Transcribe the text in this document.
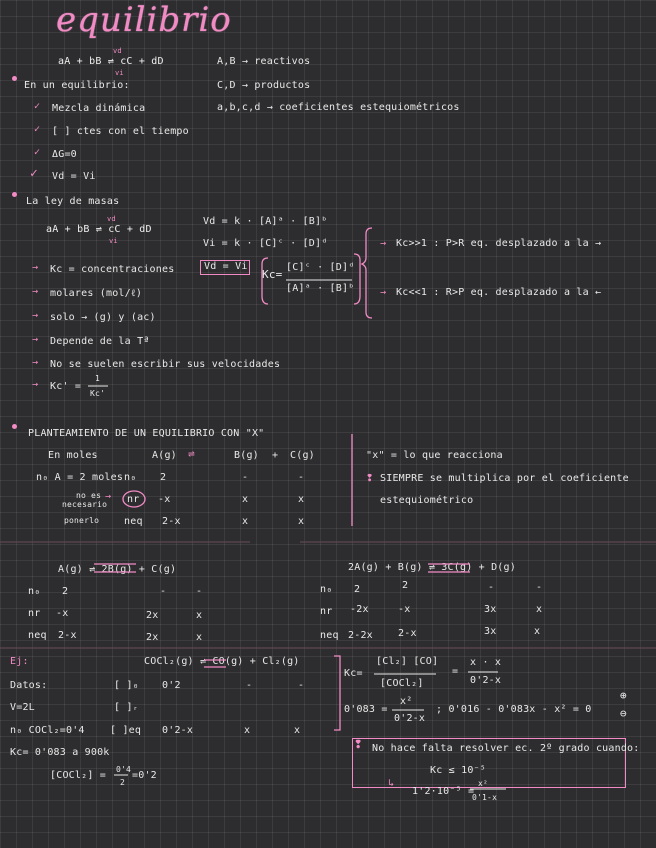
equilibrio
aA + bB ⇌ cC + dD
vd
vi
A,B → reactivos
C,D → productos
a,b,c,d → coeficientes estequiométricos
En un equilibrio:
✓ Mezcla dinámica
✓ [ ] ctes con el tiempo
✓ ΔG=0
✓ Vd = Vi
La ley de masas
aA + bB ⇌ cC + dD
vd
vi
Vd = k · [A]ᵃ · [B]ᵇ
Vi = k · [C]ᶜ · [D]ᵈ
Vd = Vi
Kc=
[C]ᶜ · [D]ᵈ
[A]ᵃ · [B]ᵇ
Kc>>1 : P>R eq. desplazado a la →
Kc<<1 : R>P eq. desplazado a la ←
→
→
→ Kc = concentraciones
→ molares (mol/ℓ)
→ solo → (g) y (ac)
→ Depende de la Tª
→ No se suelen escribir sus velocidades
→ Kc' =
1
Kc'
PLANTEAMIENTO DE UN EQUILIBRIO CON "X"
En moles	A(g) ⇌	B(g) + C(g)
n₀ A = 2 moles n₀ 2	-	-
no es
necesario
ponerlo
→ nr -x	x	x
neq 2-x	x	x
"x" = lo que reacciona
❢ SIEMPRE se multiplica por el coeficiente
estequiométrico
A(g) ⇌ 2B(g) + C(g)
n₀ 2	-	-
nr -x	2x	x
neq 2-x	2x	x
2A(g) + B(g) ⇌ 3C(g) + D(g)
n₀ 2	2	-	-
nr -2x	-x	3x	x
neq 2-2x	2-x	3x	x
Ej:
Datos:
V=2L
n₀ COCl₂=0'4
Kc= 0'083 a 900k
[COCl₂] =
0'4
2
=0'2
COCl₂(g) ⇌ CO(g) + Cl₂(g)
[ ]₀ 0'2	-	-
[ ]ᵣ
[ ]eq 0'2-x	x	x
Kc=
[Cl₂] [CO]
[COCl₂]
=
x · x
0'2-x
0'083 =
x²
0'2-x
; 0'016 - 0'083x - x² = 0
⊕
⊖
❢ No hace falta resolver ec. 2º grado cuando:
Kc ≤ 10⁻⁵
↳
1'2·10⁻⁵ =
x²
0'1-x
